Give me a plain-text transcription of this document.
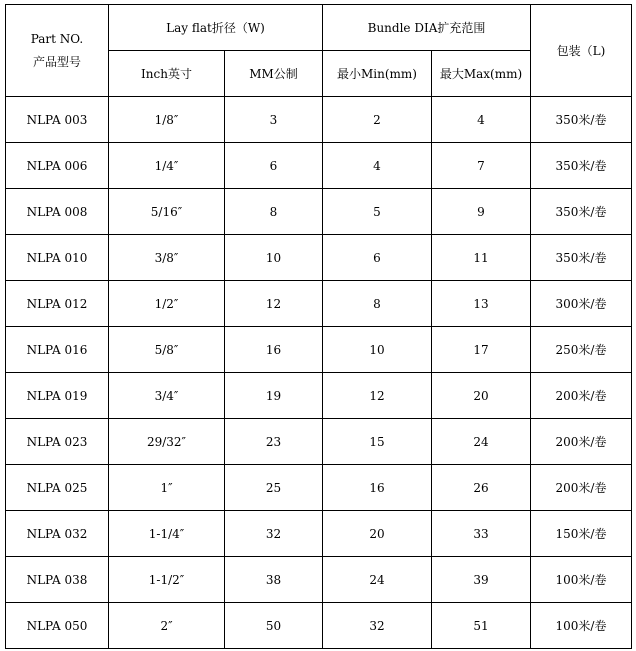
Part NO.
产品型号	Lay flat折径（W)		Bundle DIA扩充范围		包装（L)
	Inch英寸	MM公制	最小Min(mm)	最大Max(mm)	
NLPA 003	1/8″	3	2	4	350米/卷
NLPA 006	1/4″	6	4	7	350米/卷
NLPA 008	5/16″	8	5	9	350米/卷
NLPA 010	3/8″	10	6	11	350米/卷
NLPA 012	1/2″	12	8	13	300米/卷
NLPA 016	5/8″	16	10	17	250米/卷
NLPA 019	3/4″	19	12	20	200米/卷
NLPA 023	29/32″	23	15	24	200米/卷
NLPA 025	1″	25	16	26	200米/卷
NLPA 032	1-1/4″	32	20	33	150米/卷
NLPA 038	1-1/2″	38	24	39	100米/卷
NLPA 050	2″	50	32	51	100米/卷
